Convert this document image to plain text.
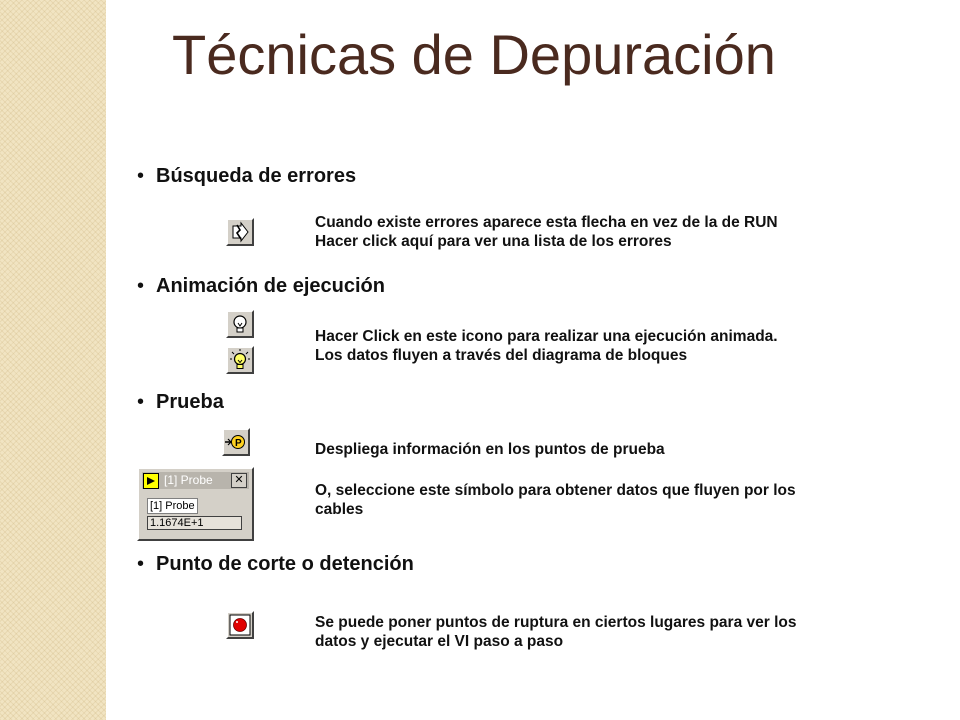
Técnicas de Depuración
• Búsqueda de errores
Cuando existe errores aparece esta flecha en vez de la de RUN
Hacer click aquí para ver una lista de los errores
• Animación de ejecución
Hacer Click en este icono para realizar una ejecución animada.
Los datos fluyen a través del diagrama de bloques
• Prueba
P	Despliega información en los puntos de prueba
[1] Probe	✕
[1] Probe
1.1674E+1
O, seleccione este símbolo para obtener datos que fluyen por los
cables
• Punto de corte o detención
Se puede poner puntos de ruptura en ciertos lugares para ver los
datos y ejecutar el VI paso a paso
